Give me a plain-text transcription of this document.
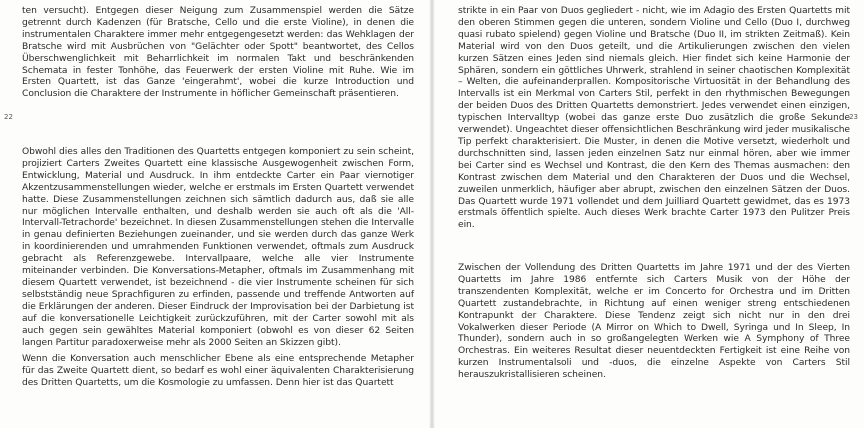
22

ten versucht). Entgegen dieser Neigung zum Zusammenspiel werden die Sätze getrennt durch Kadenzen (für Bratsche, Cello und die erste Violine), in denen die instrumentalen Charaktere immer mehr entgegengesetzt werden: das Wehklagen der Bratsche wird mit Ausbrüchen von "Gelächter oder Spott" beantwortet, des Cellos Überschwenglichkeit mit Beharrlichkeit im normalen Takt und beschränkenden Schemata in fester Tonhöhe, das Feuerwerk der ersten Violine mit Ruhe. Wie im Ersten Quartett, ist das Ganze 'eingerahmt', wobei die kurze Introduction und Conclusion die Charaktere der Instrumente in höflicher Gemeinschaft präsentieren.

Obwohl dies alles den Traditionen des Quartetts entgegen komponiert zu sein scheint, projiziert Carters Zweites Quartett eine klassische Ausgewogenheit zwischen Form, Entwicklung, Material und Ausdruck. In ihm entdeckte Carter ein Paar viernotiger Akzentzusammenstellungen wieder, welche er erstmals im Ersten Quartett verwendet hatte. Diese Zusammenstellungen zeichnen sich sämtlich dadurch aus, daß sie alle nur möglichen Intervalle enthalten, und deshalb werden sie auch oft als die 'All-Intervall-Tetrachorde' bezeichnet. In diesen Zusammenstellungen stehen die Intervalle in genau definierten Beziehungen zueinander, und sie werden durch das ganze Werk in koordinierenden und umrahmenden Funktionen verwendet, oftmals zum Ausdruck gebracht als Referenzgewebe. Intervallpaare, welche alle vier Instrumente miteinander verbinden. Die Konversations-Metapher, oftmals im Zusammenhang mit diesem Quartett verwendet, ist bezeichnend - die vier Instrumente scheinen für sich selbstständig neue Sprachfiguren zu erfinden, passende und treffende Antworten auf die Erklärungen der anderen. Dieser Eindruck der Improvisation bei der Darbietung ist auf die konversationelle Leichtigkeit zurückzuführen, mit der Carter sowohl mit als auch gegen sein gewähltes Material komponiert (obwohl es von dieser 62 Seiten langen Partitur paradoxerweise mehr als 2000 Seiten an Skizzen gibt).

Wenn die Konversation auch menschlicher Ebene als eine entsprechende Metapher für das Zweite Quartett dient, so bedarf es wohl einer äquivalenten Charakterisierung des Dritten Quartetts, um die Kosmologie zu umfassen. Denn hier ist das Quartett

23

strikte in ein Paar von Duos gegliedert - nicht, wie im Adagio des Ersten Quartetts mit den oberen Stimmen gegen die unteren, sondern Violine und Cello (Duo I, durchweg quasi rubato spielend) gegen Violine und Bratsche (Duo II, im strikten Zeitmaß). Kein Material wird von den Duos geteilt, und die Artikulierungen zwischen den vielen kurzen Sätzen eines Jeden sind niemals gleich. Hier findet sich keine Harmonie der Sphären, sondern ein göttliches Uhrwerk, strahlend in seiner chaotischen Komplexität – Welten, die aufeinanderprallen. Kompositorische Virtuosität in der Behandlung des Intervalls ist ein Merkmal von Carters Stil, perfekt in den rhythmischen Bewegungen der beiden Duos des Dritten Quartetts demonstriert. Jedes verwendet einen einzigen, typischen Intervalltyp (wobei das ganze erste Duo zusätzlich die große Sekunde verwendet). Ungeachtet dieser offensichtlichen Beschränkung wird jeder musikalische Tip perfekt charakterisiert. Die Muster, in denen die Motive versetzt, wiederholt und durchschnitten sind, lassen jeden einzelnen Satz nur einmal hören, aber wie immer bei Carter sind es Wechsel und Kontrast, die den Kern des Themas ausmachen: den Kontrast zwischen dem Material und den Charakteren der Duos und die Wechsel, zuweilen unmerklich, häufiger aber abrupt, zwischen den einzelnen Sätzen der Duos. Das Quartett wurde 1971 vollendet und dem Juilliard Quartett gewidmet, das es 1973 erstmals öffentlich spielte. Auch dieses Werk brachte Carter 1973 den Pulitzer Preis ein.

Zwischen der Vollendung des Dritten Quartetts im Jahre 1971 und der des Vierten Quartetts im Jahre 1986 entfernte sich Carters Musik von der Höhe der transzendenten Komplexität, welche er im Concerto for Orchestra und im Dritten Quartett zustandebrachte, in Richtung auf einen weniger streng entschiedenen Kontrapunkt der Charaktere. Diese Tendenz zeigt sich nicht nur in den drei Vokalwerken dieser Periode (A Mirror on Which to Dwell, Syringa und In Sleep, In Thunder), sondern auch in so großangelegten Werken wie A Symphony of Three Orchestras. Ein weiteres Resultat dieser neuentdeckten Fertigkeit ist eine Reihe von kurzen Instrumentalsoli und -duos, die einzelne Aspekte von Carters Stil herauszukristallisieren scheinen.
